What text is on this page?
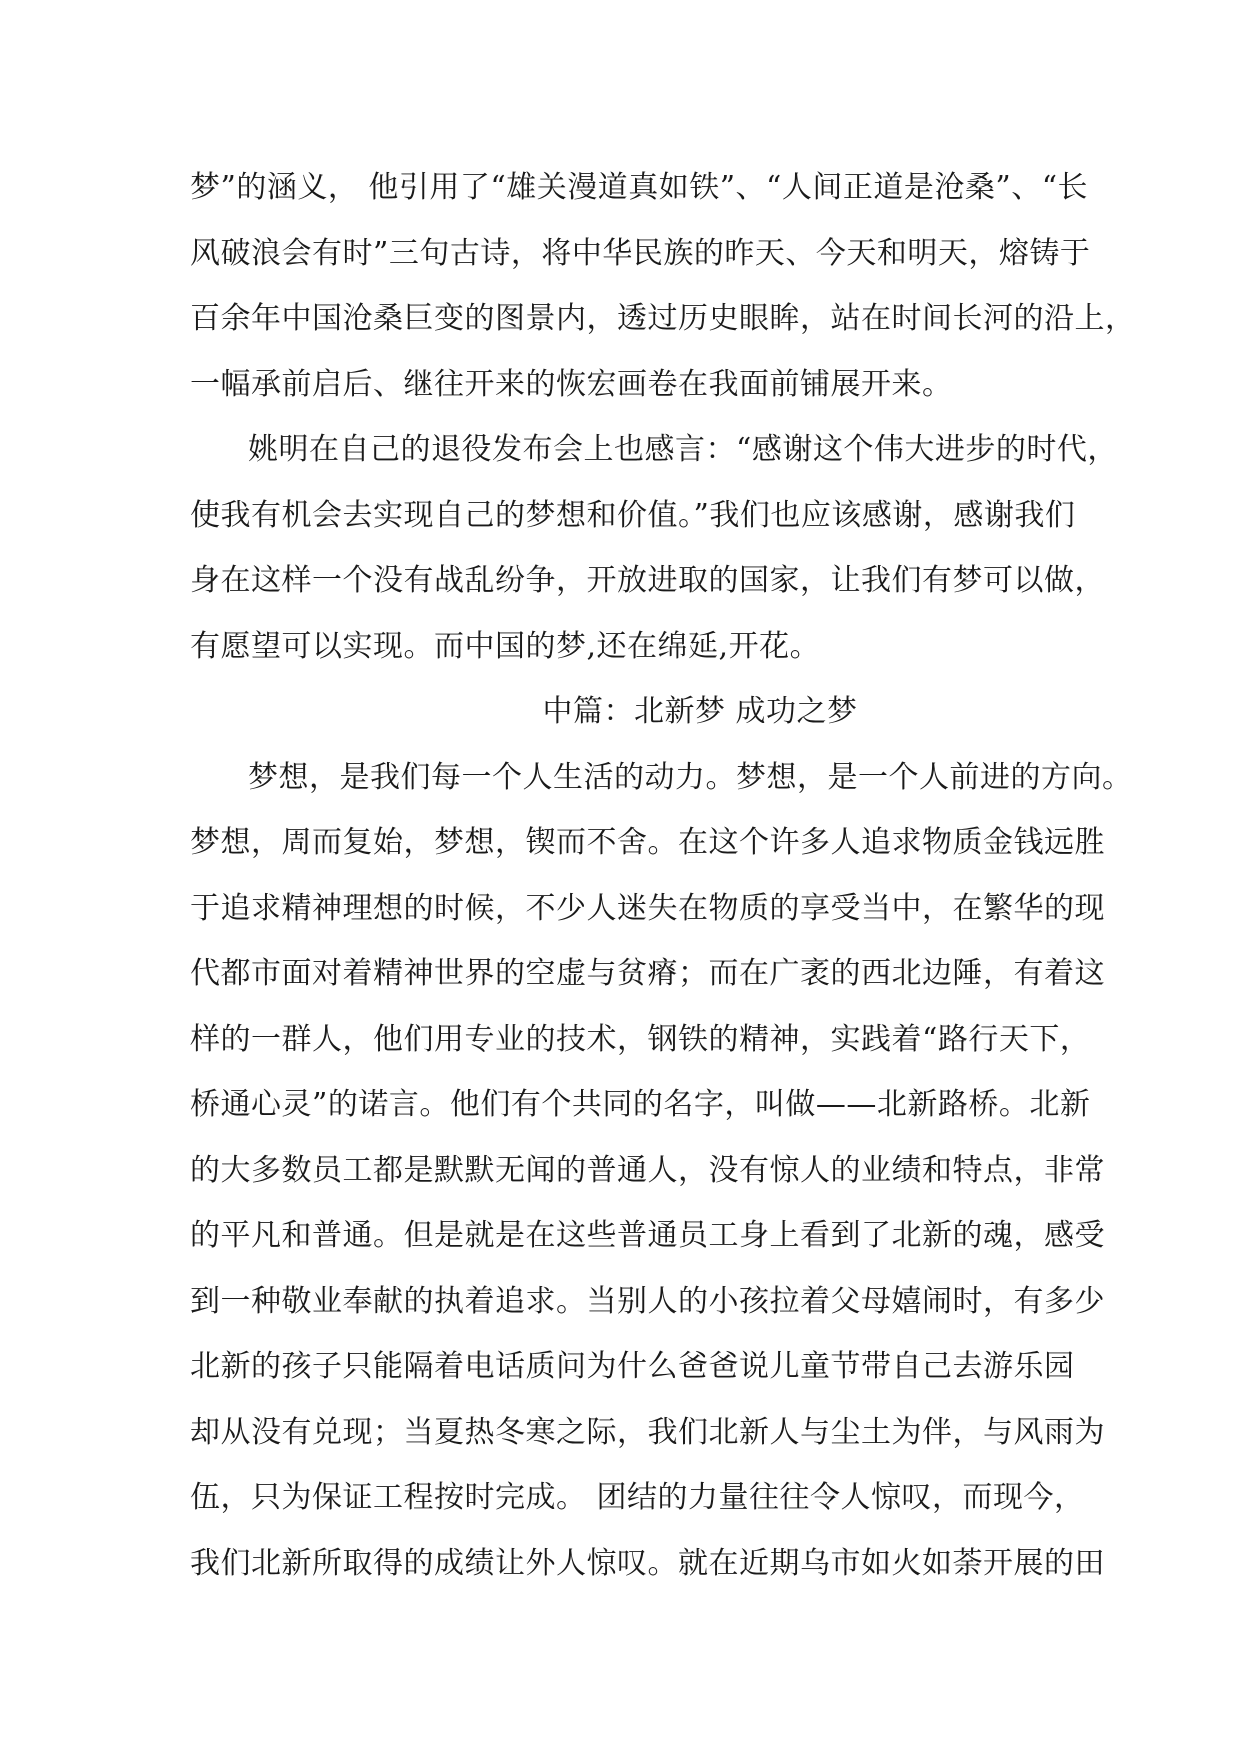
梦”的涵义， 他引用了“雄关漫道真如铁”、“人间正道是沧桑”、“长
风破浪会有时”三句古诗，将中华民族的昨天、今天和明天，熔铸于
百余年中国沧桑巨变的图景内，透过历史眼眸，站在时间长河的沿上，
一幅承前启后、继往开来的恢宏画卷在我面前铺展开来。
姚明在自己的退役发布会上也感言：“感谢这个伟大进步的时代，
使我有机会去实现自己的梦想和价值。”我们也应该感谢，感谢我们
身在这样一个没有战乱纷争，开放进取的国家，让我们有梦可以做，
有愿望可以实现。而中国的梦,还在绵延,开花。
中篇：北新梦 成功之梦
梦想，是我们每一个人生活的动力。梦想，是一个人前进的方向。
梦想，周而复始，梦想，锲而不舍。在这个许多人追求物质金钱远胜
于追求精神理想的时候，不少人迷失在物质的享受当中，在繁华的现
代都市面对着精神世界的空虚与贫瘠；而在广袤的西北边陲，有着这
样的一群人，他们用专业的技术，钢铁的精神，实践着“路行天下，
桥通心灵”的诺言。他们有个共同的名字，叫做——北新路桥。北新
的大多数员工都是默默无闻的普通人，没有惊人的业绩和特点，非常
的平凡和普通。但是就是在这些普通员工身上看到了北新的魂，感受
到一种敬业奉献的执着追求。当别人的小孩拉着父母嬉闹时，有多少
北新的孩子只能隔着电话质问为什么爸爸说儿童节带自己去游乐园
却从没有兑现；当夏热冬寒之际，我们北新人与尘土为伴，与风雨为
伍，只为保证工程按时完成。 团结的力量往往令人惊叹，而现今，
我们北新所取得的成绩让外人惊叹。就在近期乌市如火如荼开展的田
